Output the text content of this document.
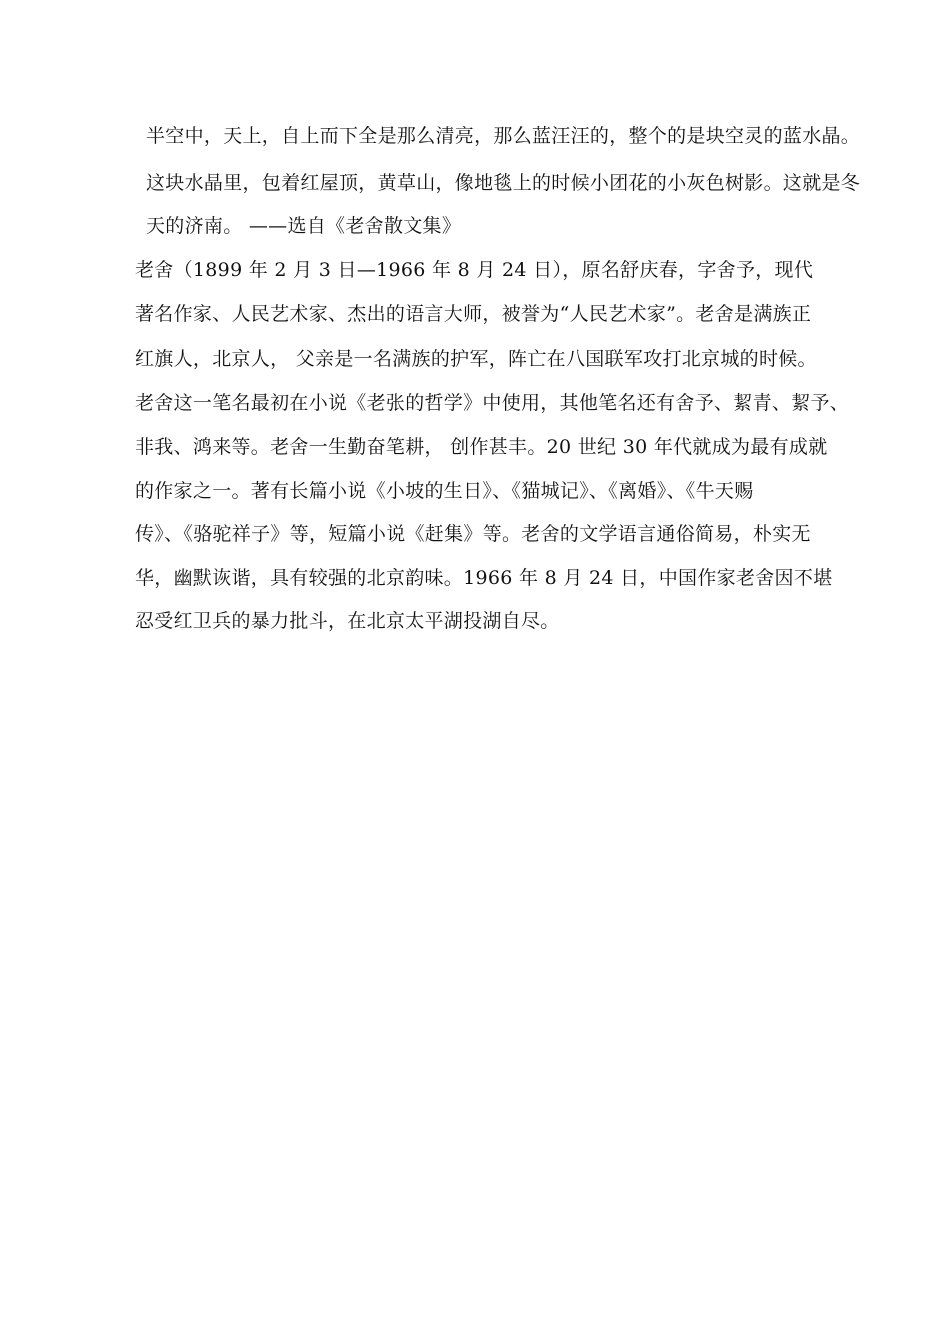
半空中，天上，自上而下全是那么清亮，那么蓝汪汪的，整个的是块空灵的蓝水晶。
这块水晶里，包着红屋顶，黄草山，像地毯上的时候小团花的小灰色树影。这就是冬
天的济南。 ——选自《老舍散文集》
老舍（1899 年 2 月 3 日—1966 年 8 月 24 日），原名舒庆春，字舍予，现代
著名作家、人民艺术家、杰出的语言大师，被誉为“人民艺术家”。老舍是满族正
红旗人，北京人， 父亲是一名满族的护军，阵亡在八国联军攻打北京城的时候。
老舍这一笔名最初在小说《老张的哲学》中使用，其他笔名还有舍予、絜青、絜予、
非我、鸿来等。老舍一生勤奋笔耕， 创作甚丰。20 世纪 30 年代就成为最有成就
的作家之一。著有长篇小说《小坡的生日》、《猫城记》、《离婚》、《牛天赐
传》、《骆驼祥子》等，短篇小说《赶集》等。老舍的文学语言通俗简易，朴实无
华，幽默诙谐，具有较强的北京韵味。1966 年 8 月 24 日，中国作家老舍因不堪
忍受红卫兵的暴力批斗，在北京太平湖投湖自尽。
